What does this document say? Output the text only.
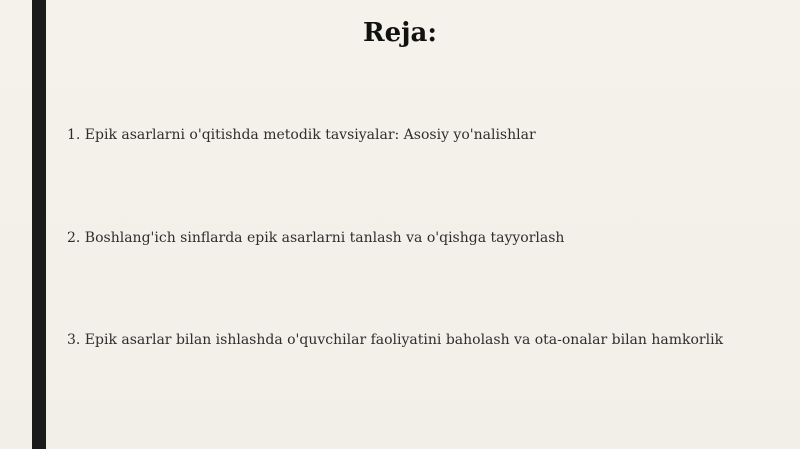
Reja:
1. Epik asarlarni o'qitishda metodik tavsiyalar: Asosiy yo'nalishlar
2. Boshlang'ich sinflarda epik asarlarni tanlash va o'qishga tayyorlash
3. Epik asarlar bilan ishlashda o'quvchilar faoliyatini baholash va ota-onalar bilan hamkorlik
